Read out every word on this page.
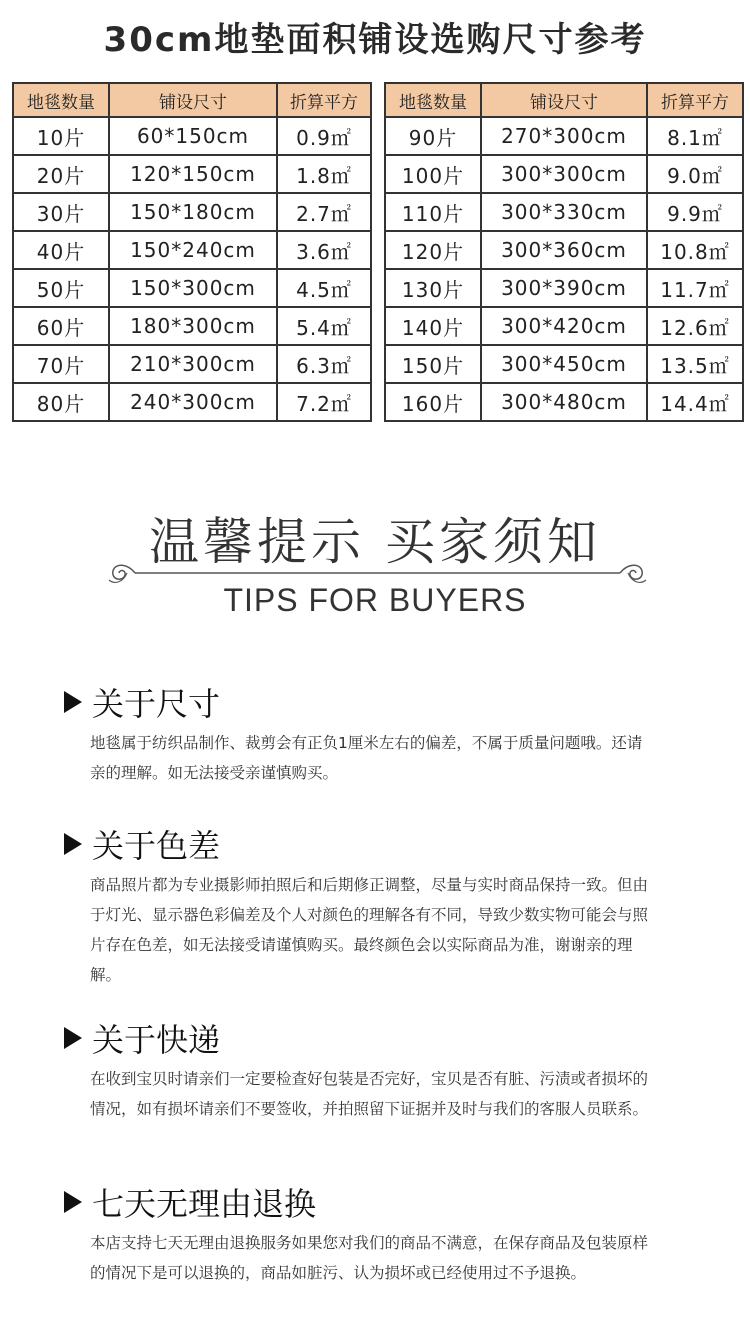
30cm地垫面积铺设选购尺寸参考
地毯数量	铺设尺寸	折算平方
10片	60*150cm	0.9㎡
20片	120*150cm	1.8㎡
30片	150*180cm	2.7㎡
40片	150*240cm	3.6㎡
50片	150*300cm	4.5㎡
60片	180*300cm	5.4㎡
70片	210*300cm	6.3㎡
80片	240*300cm	7.2㎡
地毯数量	铺设尺寸	折算平方
90片	270*300cm	8.1㎡
100片	300*300cm	9.0㎡
110片	300*330cm	9.9㎡
120片	300*360cm	10.8㎡
130片	300*390cm	11.7㎡
140片	300*420cm	12.6㎡
150片	300*450cm	13.5㎡
160片	300*480cm	14.4㎡
温馨提示 买家须知
TIPS FOR BUYERS
关于尺寸
地毯属于纺织品制作、裁剪会有正负1厘米左右的偏差，不属于质量问题哦。还请亲的理解。如无法接受亲谨慎购买。
关于色差
商品照片都为专业摄影师拍照后和后期修正调整，尽量与实时商品保持一致。但由于灯光、显示器色彩偏差及个人对颜色的理解各有不同，导致少数实物可能会与照片存在色差，如无法接受请谨慎购买。最终颜色会以实际商品为准，谢谢亲的理解。
关于快递
在收到宝贝时请亲们一定要检查好包装是否完好，宝贝是否有脏、污渍或者损坏的情况，如有损坏请亲们不要签收，并拍照留下证据并及时与我们的客服人员联系。
七天无理由退换
本店支持七天无理由退换服务如果您对我们的商品不满意，在保存商品及包装原样的情况下是可以退换的，商品如脏污、认为损坏或已经使用过不予退换。
